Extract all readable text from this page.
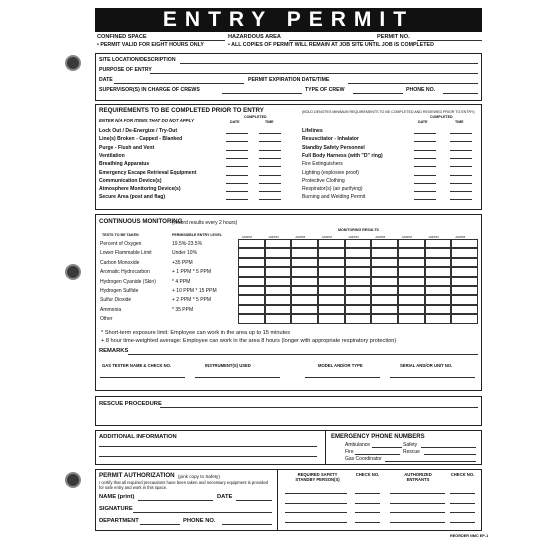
ENTRY PERMIT
CONFINED SPACE	HAZARDOUS AREA	PERMIT NO.
• PERMIT VALID FOR EIGHT HOURS ONLY	• ALL COPIES OF PERMIT WILL REMAIN AT JOB SITE UNTIL JOB IS COMPLETED
SITE LOCATION/DESCRIPTION
PURPOSE OF ENTRY
DATE	PERMIT EXPIRATION DATE/TIME
SUPERVISOR(S) IN CHARGE OF CREWS	TYPE OF CREW	PHONE NO.
REQUIREMENTS TO BE COMPLETED PRIOR TO ENTRY	(BOLD DENOTES MINIMUM REQUIREMENTS TO BE COMPLETED AND REVIEWED PRIOR TO ENTRY)
ENTER N/A FOR ITEMS THAT DO NOT APPLY
COMPLETED
DATE	TIME
COMPLETED
DATE	TIME
Lock Out / De-Energize / Try-Out
Line(s) Broken - Capped - Blanked
Purge - Flush and Vent
Ventilation
Breathing Apparatus
Emergency Escape Retrieval Equipment
Communication Device(s)
Atmosphere Monitoring Device(s)
Secure Area (post and flag)
Lifelines
Resuscitator - Inhalator
Standby Safety Personnel
Full Body Harness (with "D" ring)
Fire Extinguishers
Lighting (explosive proof)
Protective Clothing
Respirator(s) (air purifying)
Burning and Welding Permit
CONTINUOUS MONITORING
(record results every 2 hours)
MONITORING RESULTS
TESTS TO BE TAKEN	PERMISSIBLE ENTRY LEVEL	AM/PM	AM/PM	AM/PM	AM/PM	AM/PM	AM/PM	AM/PM	AM/PM	AM/PM
Percent of Oxygen	19.5%-23.5%
Lower Flammable Limit	Under 10%
Carbon Monoxide	+35 PPM
Aromatic Hydrocarbon	+ 1 PPM * 5 PPM
Hydrogen Cyanide (Skin)	* 4 PPM
Hydrogen Sulfide	+ 10 PPM * 15 PPM
Sulfur Dioxide	+ 2 PPM * 5 PPM
Ammonia	* 35 PPM
Other
* Short-term exposure limit: Employee can work in the area up to 15 minutes
+ 8 hour time-weighted average: Employee can work in the area 8 hours (longer with appropriate respiratory protection)
REMARKS
GAS TESTER NAME & CHECK NO.	INSTRUMENT(S) USED	MODEL AND/OR TYPE	SERIAL AND/OR UNIT NO.
RESCUE PROCEDURE
ADDITIONAL INFORMATION	EMERGENCY PHONE NUMBERS
Ambulance	Safety
Fire	Rescue
Gas Coordinator
PERMIT AUTHORIZATION (pink copy to Safety)
I certify that all required precautions have been taken and necessary equipment is provided for safe entry and work in this space.
NAME (print)	DATE
SIGNATURE
DEPARTMENT	PHONE NO.
REQUIRED SAFETY STANDBY PERSON(S)
CHECK NO.	AUTHORIZED ENTRANTS
CHECK NO.
REORDER NMC EP-1
